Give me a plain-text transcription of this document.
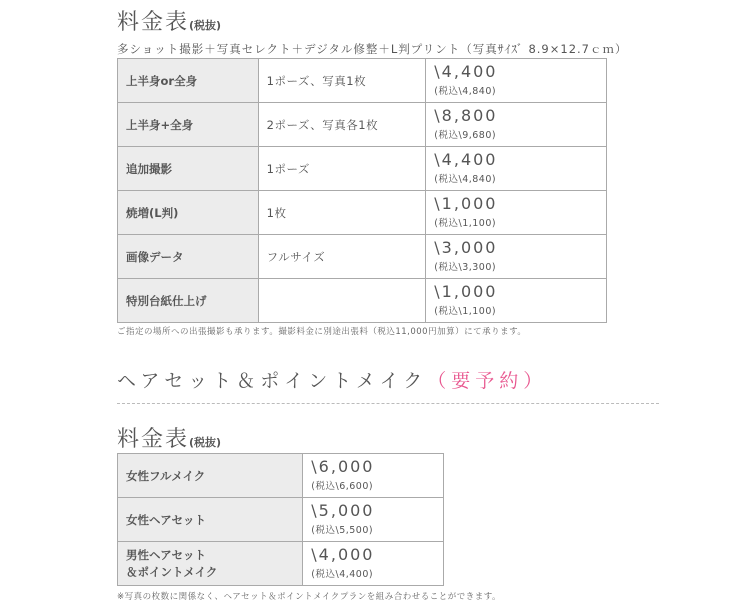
料金表(税抜)
多ショット撮影＋写真セレクト＋デジタル修整＋L判プリント（写真ｻｲｽﾞ 8.9×12.7ｃｍ）
上半身or全身	1ポーズ、写真1枚	\4,400
(税込\4,840)

上半身+全身	2ポーズ、写真各1枚	\8,800
(税込\9,680)

追加撮影	1ポーズ	\4,400
(税込\4,840)

焼増(L判)	1枚	\1,000
(税込\1,100)

画像データ	フルサイズ	\3,000
(税込\3,300)

特別台紙仕上げ		\1,000
(税込\1,100)
ご指定の場所への出張撮影も承ります。撮影料金に別途出張料（税込11,000円加算）にて承ります。
ヘアセット＆ポイントメイク（要予約）
料金表(税抜)
女性フルメイク	\6,000
(税込\6,600)

女性ヘアセット	\5,000
(税込\5,500)

男性ヘアセット
＆ポイントメイク	\4,000
(税込\4,400)
※写真の枚数に関係なく、ヘアセット＆ポイントメイクプランを組み合わせることができます。
